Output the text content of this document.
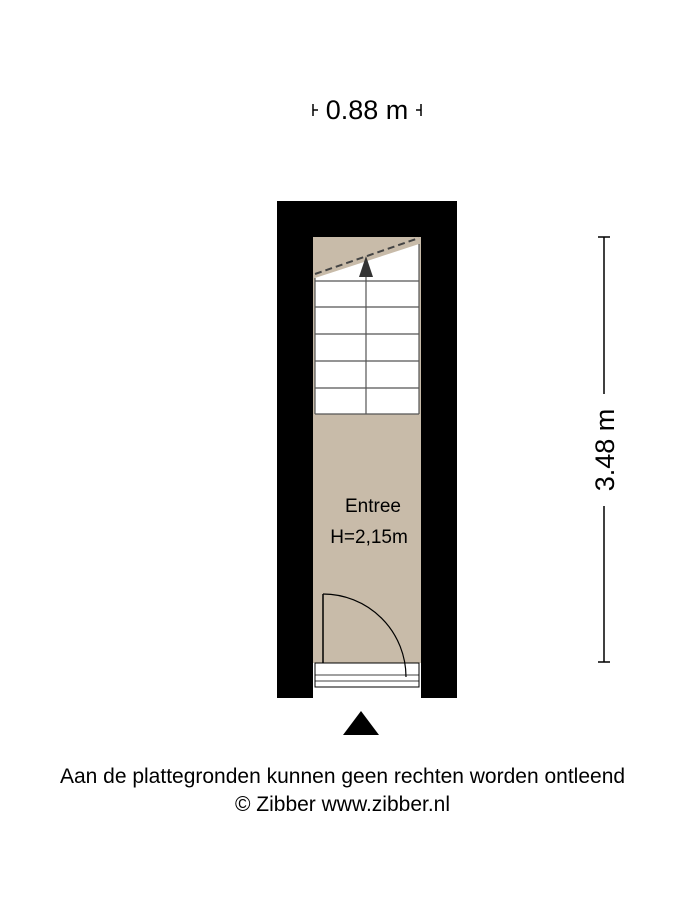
0.88 m
Entree
H=2,15m
3.48 m
Aan de plattegronden kunnen geen rechten worden ontleend
© Zibber www.zibber.nl
